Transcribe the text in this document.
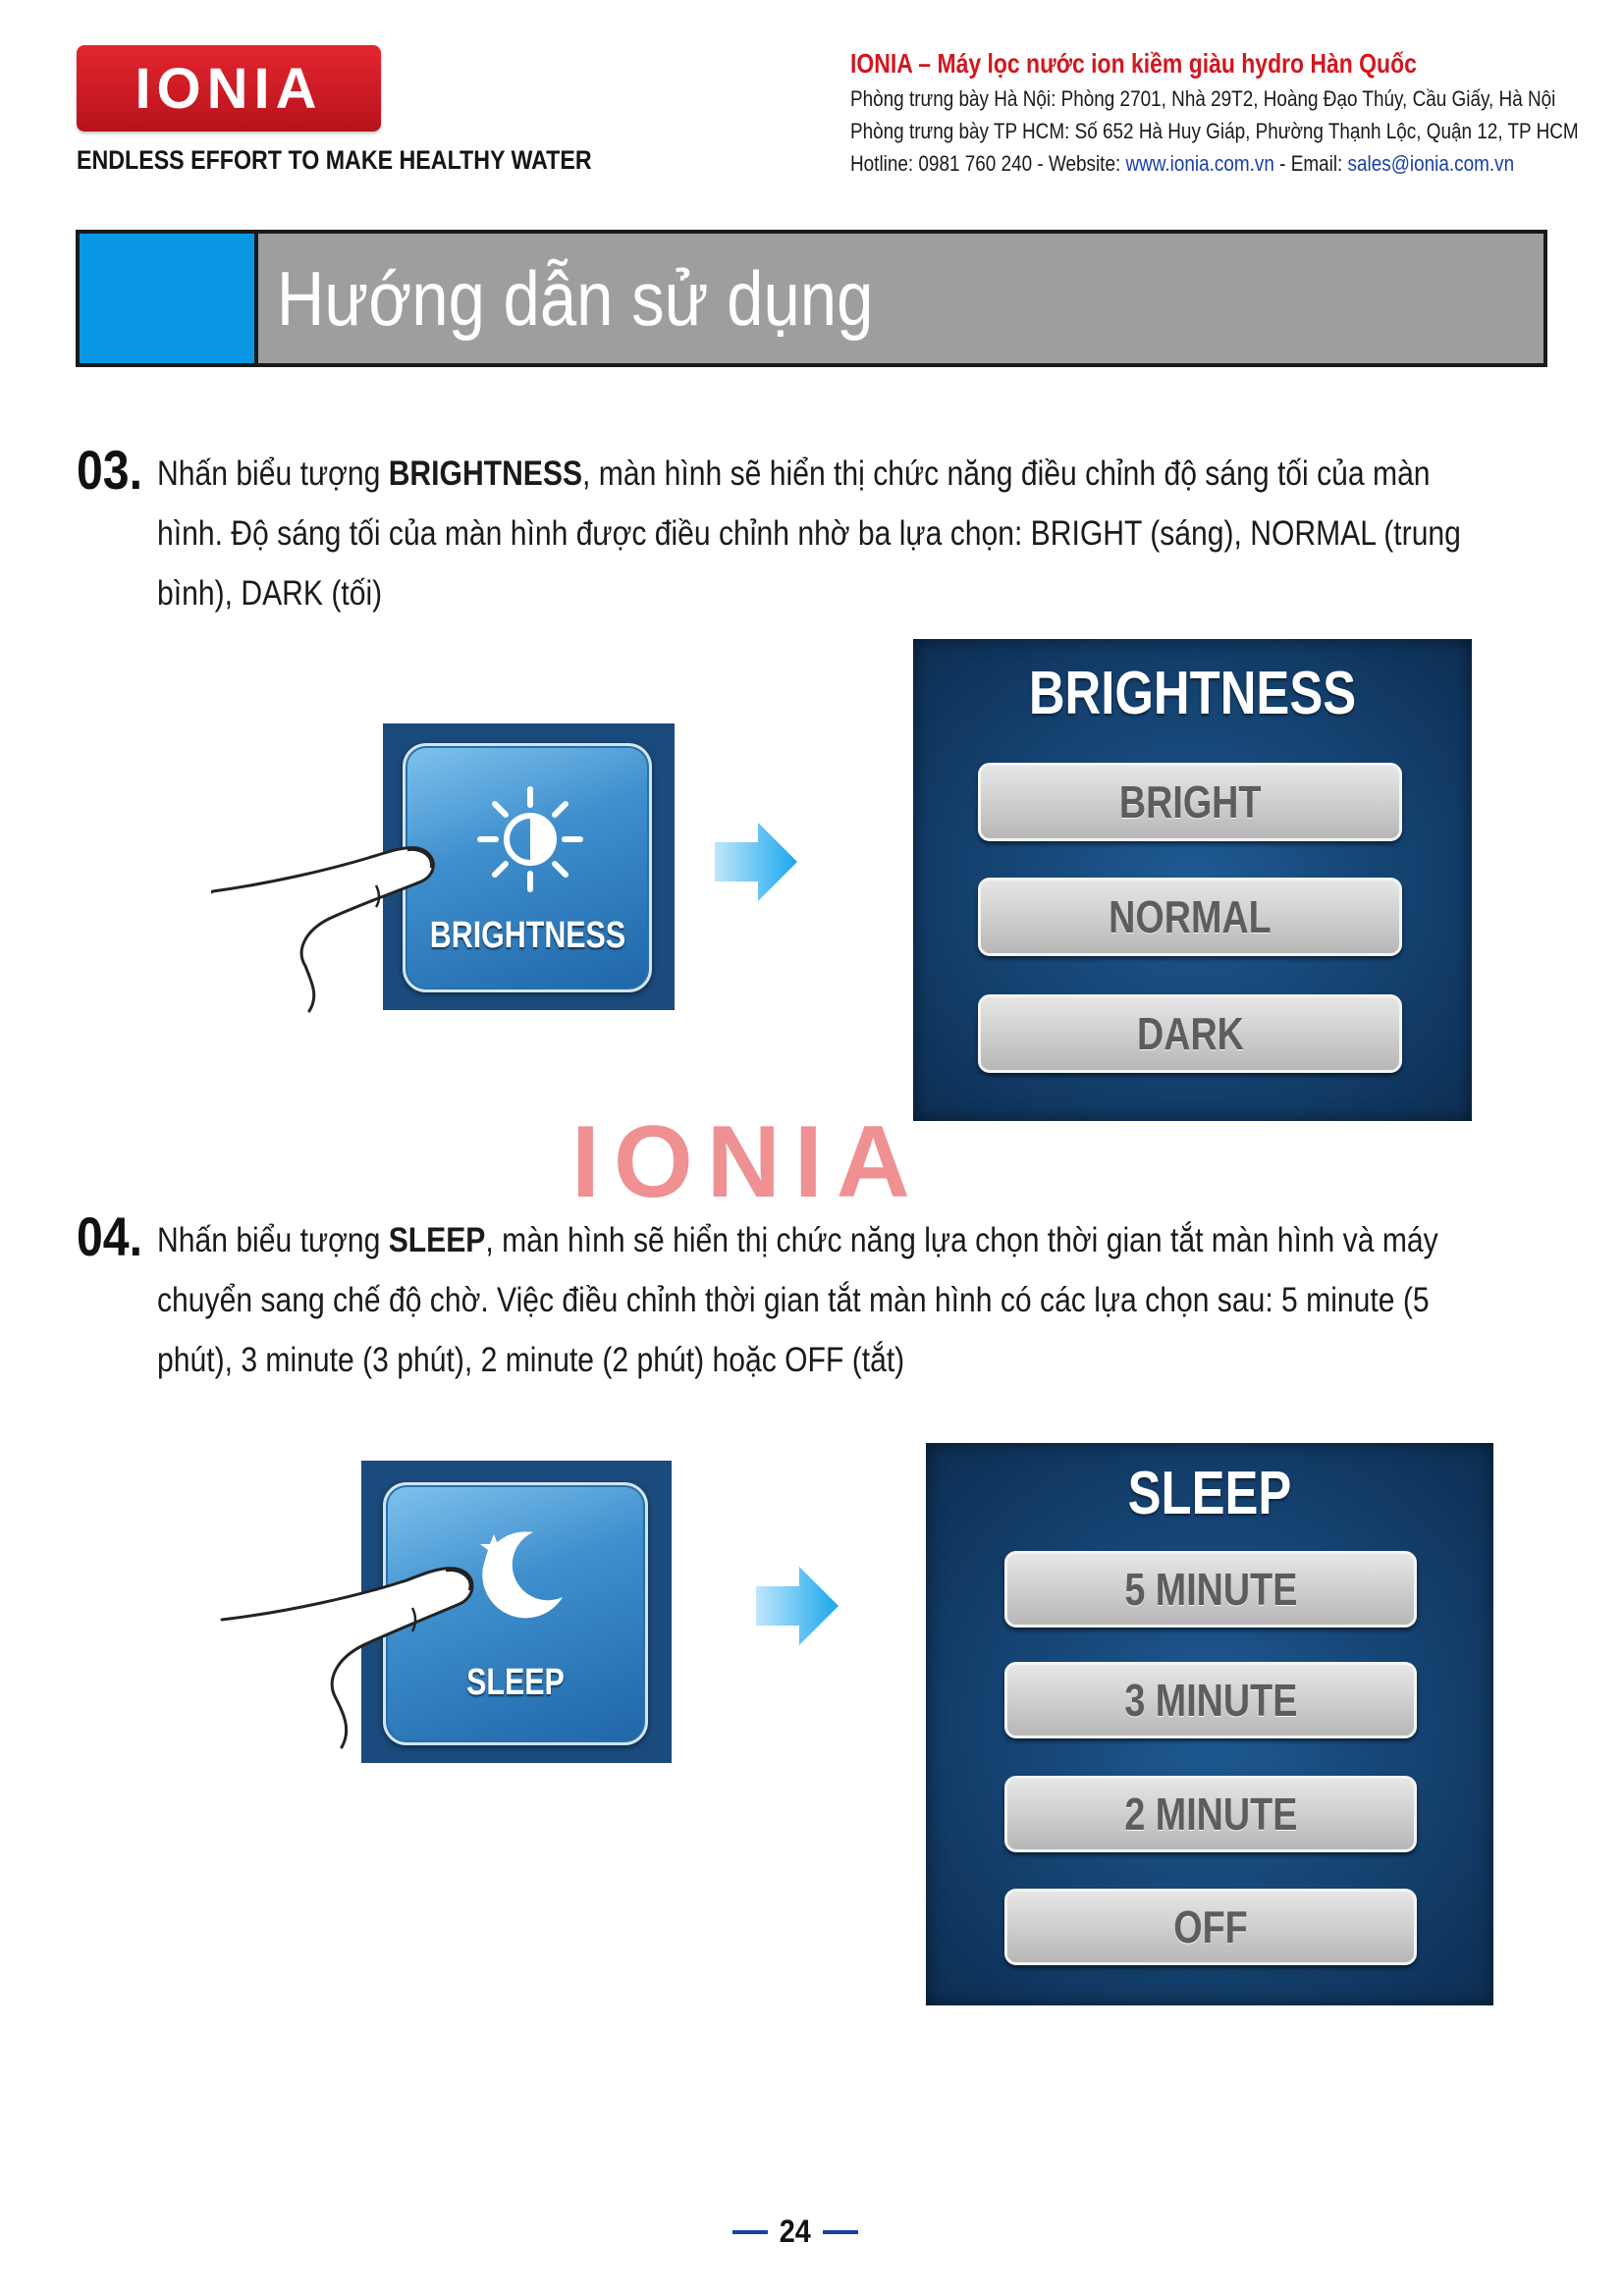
IONIA
ENDLESS EFFORT TO MAKE HEALTHY WATER
IONIA – Máy lọc nước ion kiềm giàu hydro Hàn Quốc
Phòng trưng bày Hà Nội: Phòng 2701, Nhà 29T2, Hoàng Đạo Thúy, Cầu Giấy, Hà Nội
Phòng trưng bày TP HCM: Số 652 Hà Huy Giáp, Phường Thạnh Lộc, Quận 12, TP HCM
Hotline: 0981 760 240 - Website: www.ionia.com.vn - Email: sales@ionia.com.vn
Hướng dẫn sử dụng
03. Nhấn biểu tượng BRIGHTNESS, màn hình sẽ hiển thị chức năng điều chỉnh độ sáng tối của màn hình. Độ sáng tối của màn hình được điều chỉnh nhờ ba lựa chọn: BRIGHT (sáng), NORMAL (trung bình), DARK (tối)
BRIGHTNESS
BRIGHTNESS
BRIGHT
NORMAL
DARK
IONIA
04. Nhấn biểu tượng SLEEP, màn hình sẽ hiển thị chức năng lựa chọn thời gian tắt màn hình và máy chuyển sang chế độ chờ. Việc điều chỉnh thời gian tắt màn hình có các lựa chọn sau: 5 minute (5 phút), 3 minute (3 phút), 2 minute (2 phút) hoặc OFF (tắt)
SLEEP
SLEEP
5 MINUTE
3 MINUTE
2 MINUTE
OFF
24
